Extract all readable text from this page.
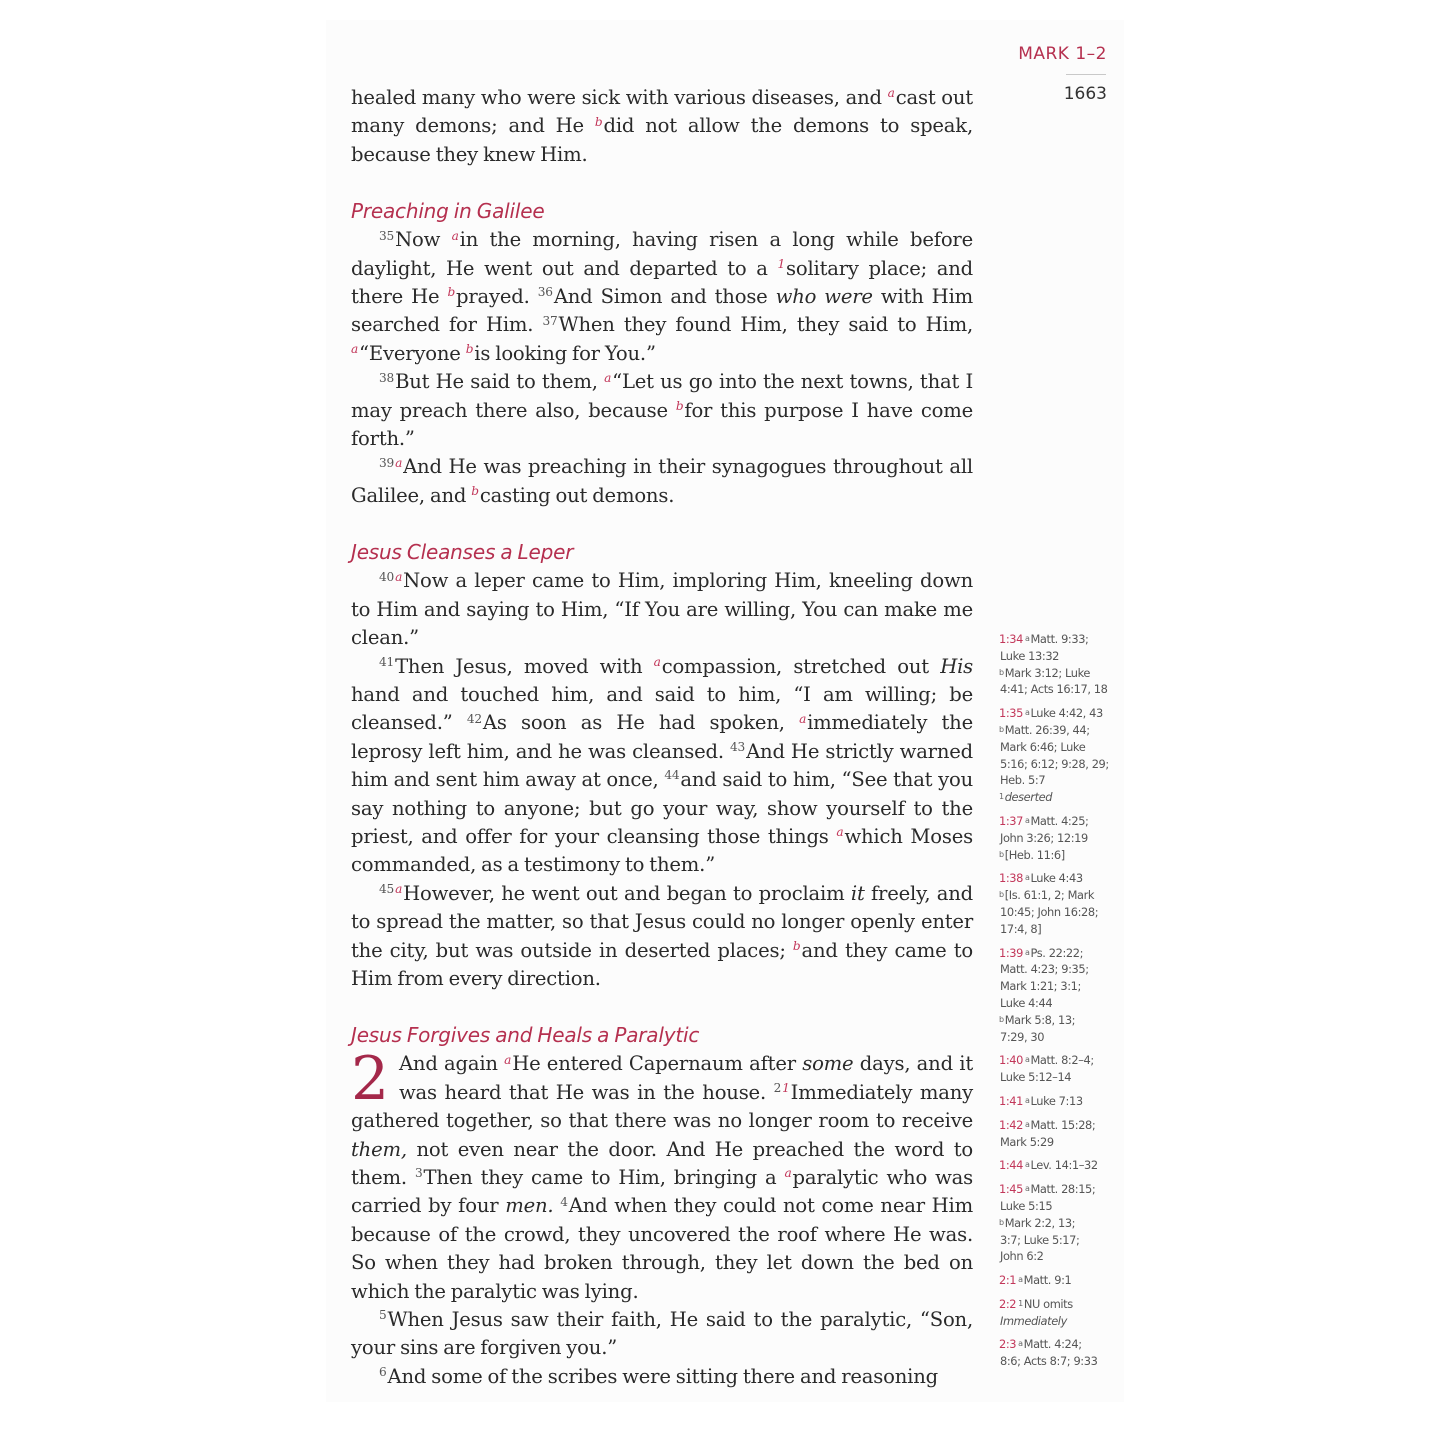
MARK 1–2
1663

healed many who were sick with various diseases, and $^a$cast out many demons; and He $^b$did not allow the demons to speak, because they knew Him.

Preaching in Galilee

$^{35}$Now $^a$in the morning, having risen a long while before daylight, He went out and departed to a $^1$solitary place; and there He $^b$prayed. $^{36}$And Simon and those who were with Him searched for Him. $^{37}$When they found Him, they said to Him, $^a$“Everyone $^b$is looking for You.”

$^{38}$But He said to them, $^a$“Let us go into the next towns, that I may preach there also, because $^b$for this purpose I have come forth.”

$^{39a}$And He was preaching in their synagogues throughout all Galilee, and $^b$casting out demons.

Jesus Cleanses a Leper

$^{40a}$Now a leper came to Him, imploring Him, kneeling down to Him and saying to Him, “If You are willing, You can make me clean.”

$^{41}$Then Jesus, moved with $^a$compassion, stretched out His hand and touched him, and said to him, “I am willing; be cleansed.” $^{42}$As soon as He had spoken, $^a$immediately the leprosy left him, and he was cleansed. $^{43}$And He strictly warned him and sent him away at once, $^{44}$and said to him, “See that you say nothing to anyone; but go your way, show yourself to the priest, and offer for your cleansing those things $^a$which Moses commanded, as a testimony to them.”

$^{45a}$However, he went out and began to proclaim it freely, and to spread the matter, so that Jesus could no longer openly enter the city, but was outside in deserted places; $^b$and they came to Him from every direction.

Jesus Forgives and Heals a Paralytic

2 And again $^a$He entered Capernaum after some days, and it was heard that He was in the house. $^{21}$Immediately many gathered together, so that there was no longer room to receive them, not even near the door. And He preached the word to them. $^3$Then they came to Him, bringing a $^a$paralytic who was carried by four men. $^4$And when they could not come near Him because of the crowd, they uncovered the roof where He was. So when they had broken through, they let down the bed on which the paralytic was lying.

$^5$When Jesus saw their faith, He said to the paralytic, “Son, your sins are forgiven you.”

$^6$And some of the scribes were sitting there and reasoning

1:34 aMatt. 9:33;
Luke 13:32
bMark 3:12; Luke
4:41; Acts 16:17, 18
1:35 aLuke 4:42, 43
bMatt. 26:39, 44;
Mark 6:46; Luke
5:16; 6:12; 9:28, 29;
Heb. 5:7
1deserted
1:37 aMatt. 4:25;
John 3:26; 12:19
b[Heb. 11:6]
1:38 aLuke 4:43
b[Is. 61:1, 2; Mark
10:45; John 16:28;
17:4, 8]
1:39 aPs. 22:22;
Matt. 4:23; 9:35;
Mark 1:21; 3:1;
Luke 4:44
bMark 5:8, 13;
7:29, 30
1:40 aMatt. 8:2–4;
Luke 5:12–14
1:41 aLuke 7:13
1:42 aMatt. 15:28;
Mark 5:29
1:44 aLev. 14:1–32
1:45 aMatt. 28:15;
Luke 5:15
bMark 2:2, 13;
3:7; Luke 5:17;
John 6:2
2:1 aMatt. 9:1
2:2 1NU omits
Immediately
2:3 aMatt. 4:24;
8:6; Acts 8:7; 9:33
